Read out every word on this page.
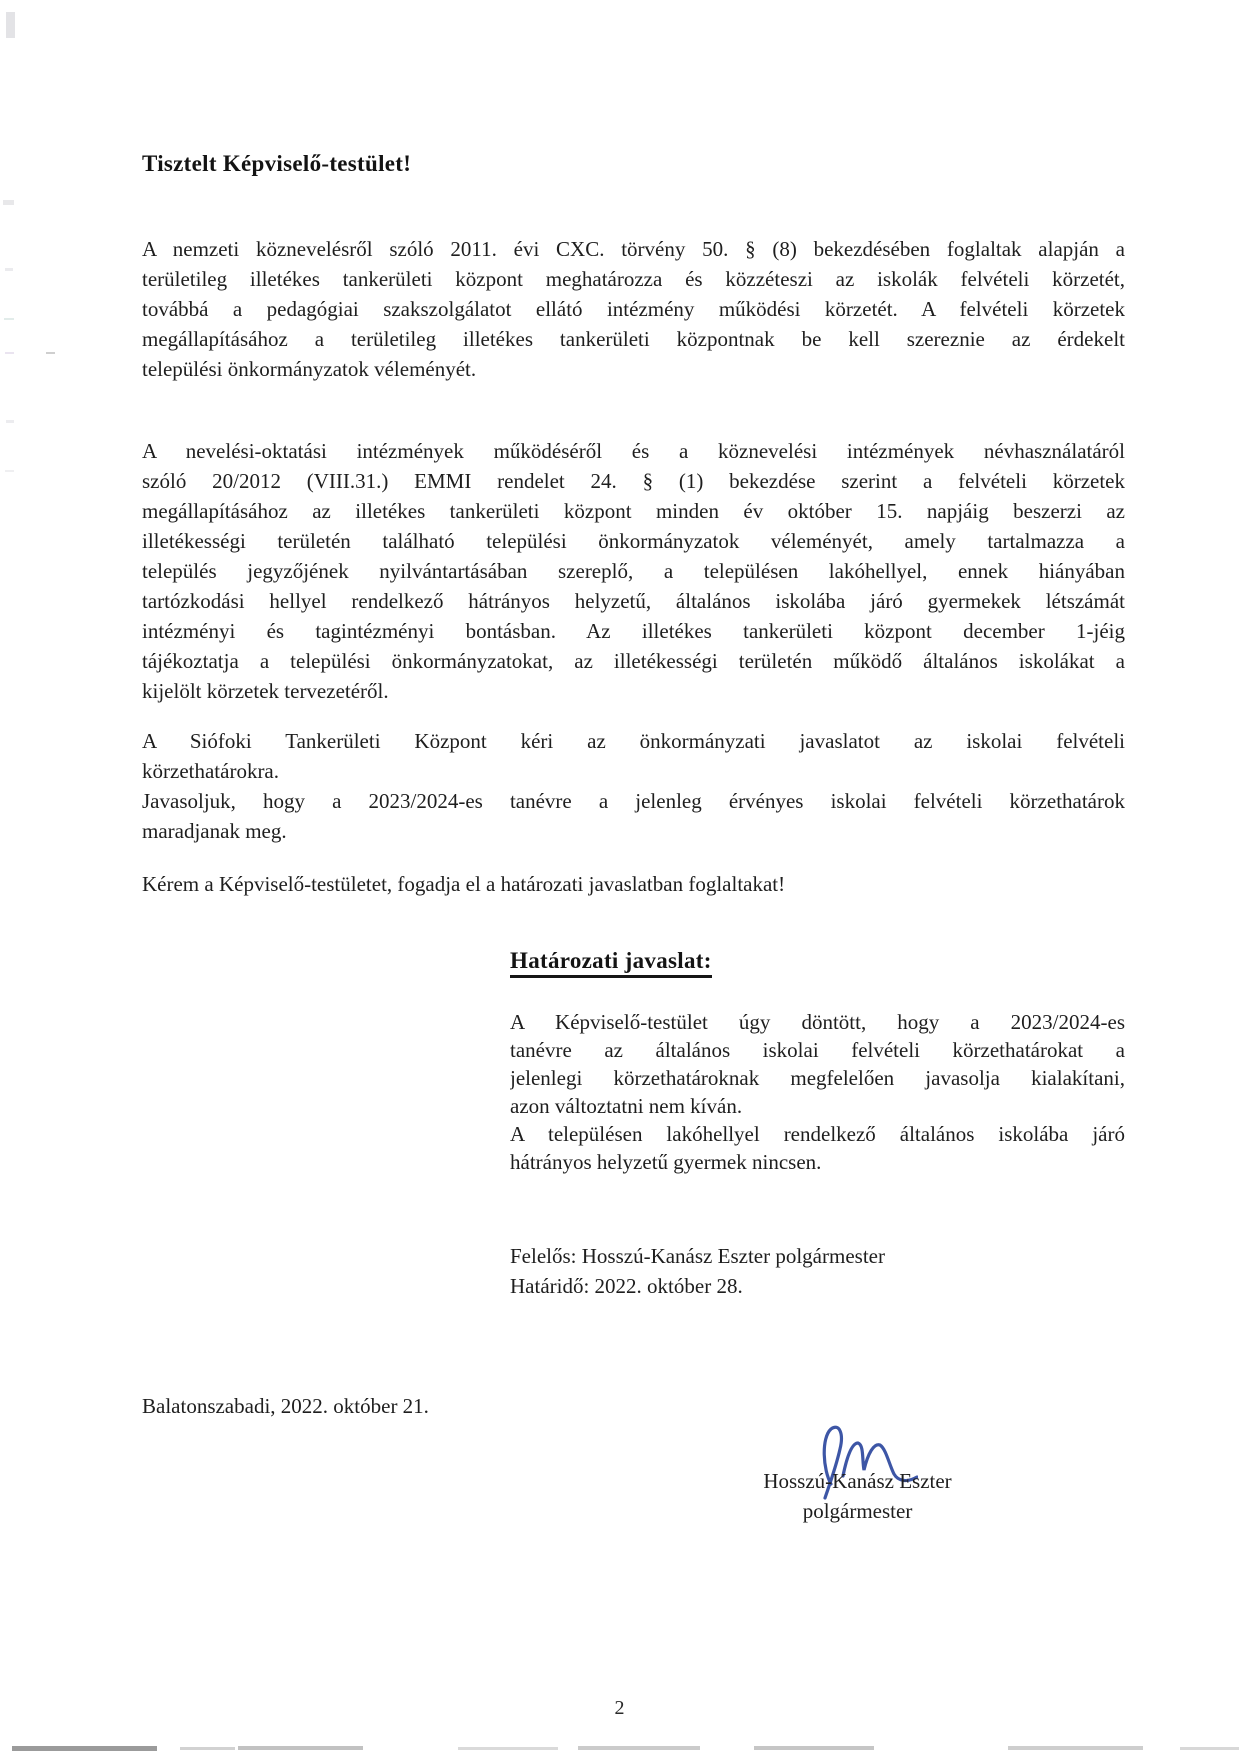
Tisztelt Képviselő-testület!
A nemzeti köznevelésről szóló 2011. évi CXC. törvény 50. § (8) bekezdésében foglaltak alapján a
területileg illetékes tankerületi központ meghatározza és közzéteszi az iskolák felvételi körzetét,
továbbá a pedagógiai szakszolgálatot ellátó intézmény működési körzetét. A felvételi körzetek
megállapításához a területileg illetékes tankerületi központnak be kell szereznie az érdekelt
települési önkormányzatok véleményét.
A nevelési-oktatási intézmények működéséről és a köznevelési intézmények névhasználatáról
szóló 20/2012 (VIII.31.) EMMI rendelet 24. § (1) bekezdése szerint a felvételi körzetek
megállapításához az illetékes tankerületi központ minden év október 15. napjáig beszerzi az
illetékességi területén található települési önkormányzatok véleményét, amely tartalmazza a
település jegyzőjének nyilvántartásában szereplő, a településen lakóhellyel, ennek hiányában
tartózkodási hellyel rendelkező hátrányos helyzetű, általános iskolába járó gyermekek létszámát
intézményi és tagintézményi bontásban. Az illetékes tankerületi központ december 1-jéig
tájékoztatja a települési önkormányzatokat, az illetékességi területén működő általános iskolákat a
kijelölt körzetek tervezetéről.
A Siófoki Tankerületi Központ kéri az önkormányzati javaslatot az iskolai felvételi
körzethatárokra.
Javasoljuk, hogy a 2023/2024-es tanévre a jelenleg érvényes iskolai felvételi körzethatárok
maradjanak meg.
Kérem a Képviselő-testületet, fogadja el a határozati javaslatban foglaltakat!
Határozati javaslat:
A Képviselő-testület úgy döntött, hogy a 2023/2024-es
tanévre az általános iskolai felvételi körzethatárokat a
jelenlegi körzethatároknak megfelelően javasolja kialakítani,
azon változtatni nem kíván.
A településen lakóhellyel rendelkező általános iskolába járó
hátrányos helyzetű gyermek nincsen.
Felelős: Hosszú-Kanász Eszter polgármester
Határidő: 2022. október 28.
Balatonszabadi, 2022. október 21.
Hosszú-Kanász Eszter
polgármester
2
